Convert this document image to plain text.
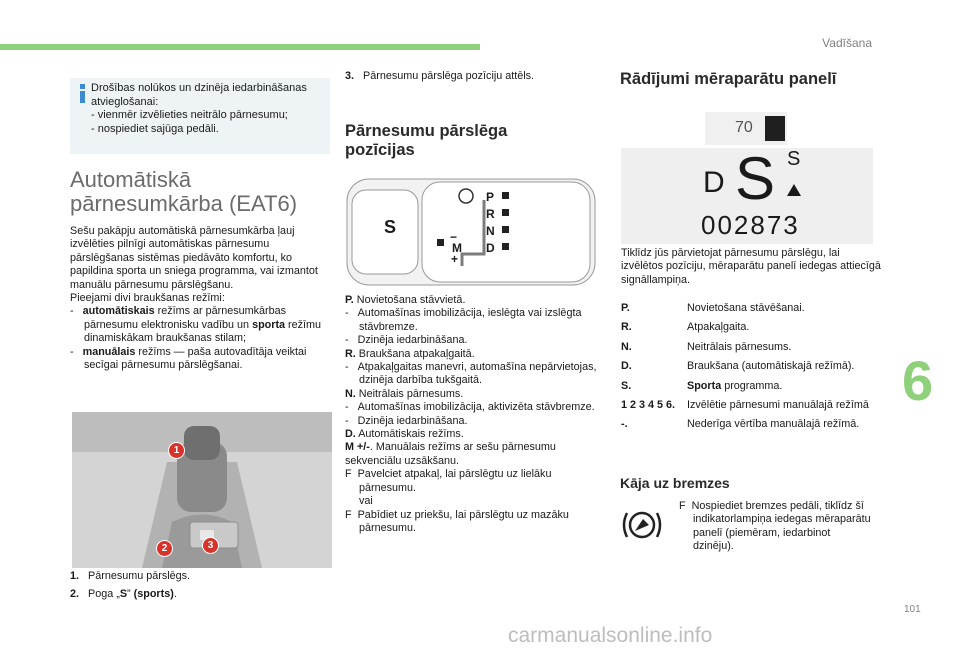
Vadīšana
6
101
Drošības nolūkos un dzinēja iedarbināšanas atvieglošanai:
- vienmēr izvēlieties neitrālo pārnesumu;
- nospiediet sajūga pedāli.
Automātiskā pārnesumkārba (EAT6)
Sešu pakāpju automātiskā pārnesumkārba ļauj izvēlēties pilnīgi automātiskas pārnesumu pārslēgšanas sistēmas piedāvāto komfortu, ko papildina sporta un sniega programma, vai izmantot manuālu pārnesumu pārslēgšanu.
Pieejami divi braukšanas režīmi:
-   automātiskais režīms ar pārnesumkārbas pārnesumu elektronisku vadību un sporta režīmu dinamiskākam braukšanas stilam;
-   manuālais režīms — paša autovadītāja veiktai secīgai pārnesumu pārslēgšanai.
1
2	3
1. Pārnesumu pārslēgs.
2. Poga „S” (sports).
3. Pārnesumu pārslēga pozīciju attēls.
Pārnesumu pārslēga pozīcijas
S
P
R
N
D
M
−
+
P. Novietošana stāvvietā.
-   Automašīnas imobilizācija, ieslēgta vai izslēgta stāvbremze.
-   Dzinēja iedarbināšana.
R. Braukšana atpakaļgaitā.
-   Atpakaļgaitas manevri, automašīna nepārvietojas, dzinēja darbība tukšgaitā.
N. Neitrālais pārnesums.
-   Automašīnas imobilizācija, aktivizēta stāvbremze.
-   Dzinēja iedarbināšana.
D. Automātiskais režīms.
M +/-. Manuālais režīms ar sešu pārnesumu sekvenciālu uzsākšanu.
F  Pavelciet atpakaļ, lai pārslēgtu uz lielāku pārnesumu.
vai
F  Pabīdiet uz priekšu, lai pārslēgtu uz mazāku pārnesumu.
Rādījumi mēraparātu panelī
70
D S S
002873
Tiklīdz jūs pārvietojat pārnesumu pārslēgu, lai izvēlētos pozīciju, mēraparātu panelī iedegas attiecīgā signāllampiņa.
P.	Novietošana stāvēšanai.
R.	Atpakaļgaita.
N.	Neitrālais pārnesums.
D.	Braukšana (automātiskajā režīmā).
S.	Sporta programma.
1 2 3 4 5 6.	Izvēlētie pārnesumi manuālajā režīmā
-.	Nederīga vērtība manuālajā režīmā.
Kāja uz bremzes
F  Nospiediet bremzes pedāli, tiklīdz šī indikatorlampiņa iedegas mēraparātu panelī (piemēram, iedarbinot dzinēju).
carmanualsonline.info
